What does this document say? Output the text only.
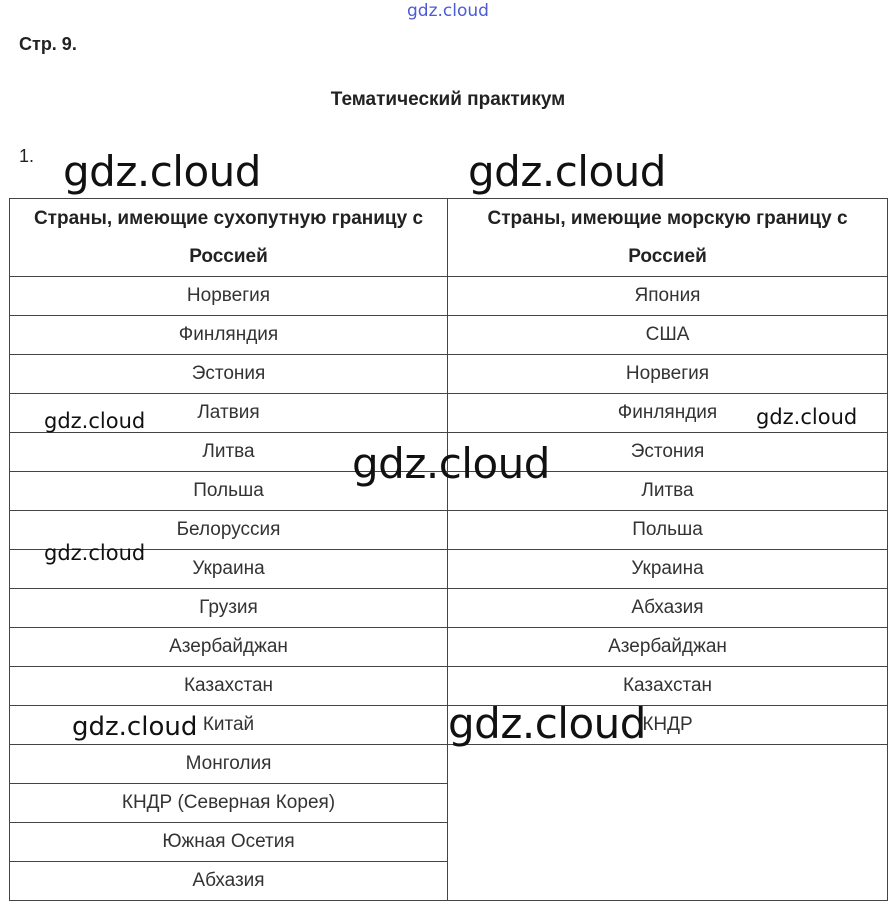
gdz.cloud
Стр. 9.
Тематический практикум
1.
Страны, имеющие сухопутную границу с Россией	Страны, имеющие морскую границу с Россией
Норвегия	Япония
Финляндия	США
Эстония	Норвегия
Латвия	Финляндия
Литва	Эстония
Польша	Литва
Белоруссия	Польша
Украина	Украина
Грузия	Абхазия
Азербайджан	Азербайджан
Казахстан	Казахстан
Китай	КНДР
Монголия	
КНДР (Северная Корея)	
Южная Осетия	
Абхазия	
gdz.cloud	gdz.cloud
gdz.cloud	gdz.cloud
gdz.cloud
gdz.cloud
gdz.cloud	gdz.cloud
